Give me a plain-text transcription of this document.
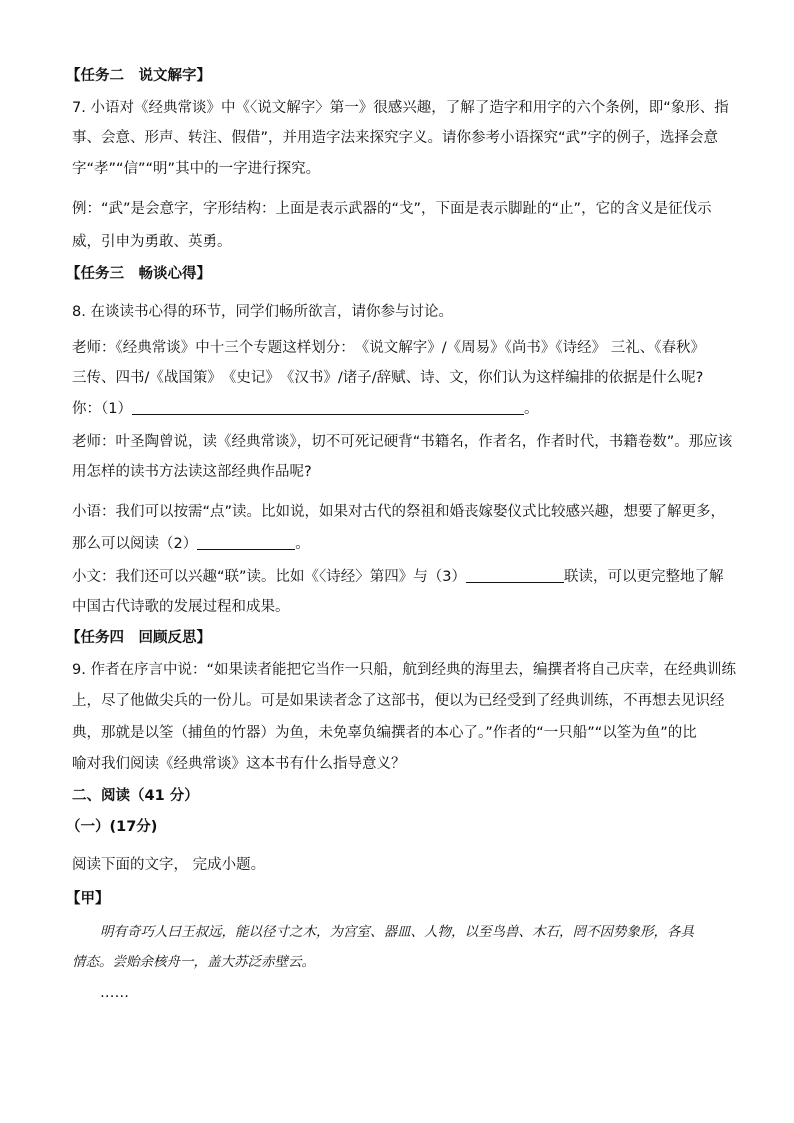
【任务二　说文解字】
7. 小语对《经典常谈》中《〈说文解字〉第一》很感兴趣，了解了造字和用字的六个条例，即“象形、指
事、会意、形声、转注、假借”，并用造字法来探究字义。请你参考小语探究“武”字的例子，选择会意
字“孝”“信”“明”其中的一字进行探究。
例：“武”是会意字，字形结构：上面是表示武器的“戈”，下面是表示脚趾的“止”，它的含义是征伐示
威，引申为勇敢、英勇。
【任务三　畅谈心得】
8. 在谈读书心得的环节，同学们畅所欲言，请你参与讨论。
老师：《经典常谈》中十三个专题这样划分：　《说文解字》/《周易》《尚书》《诗经》 三礼、《春秋》
三传、四书/《战国策》　《史记》　《汉书》/诸子/辞赋、诗、文，你们认为这样编排的依据是什么呢?
你：（1）	。
老师：叶圣陶曾说，读《经典常谈》，切不可死记硬背“书籍名，作者名，作者时代，书籍卷数”。那应该
用怎样的读书方法读这部经典作品呢?
小语：我们可以按需“点”读。比如说，如果对古代的祭祖和婚丧嫁娶仪式比较感兴趣，想要了解更多，
那么可以阅读（2）	。
小文：我们还可以兴趣“联”读。比如《〈诗经〉第四》与（3）	联读，可以更完整地了解
中国古代诗歌的发展过程和成果。
【任务四　回顾反思】
9. 作者在序言中说：“如果读者能把它当作一只船，航到经典的海里去，编撰者将自己庆幸，在经典训练
上，尽了他做尖兵的一份儿。可是如果读者念了这部书，便以为已经受到了经典训练，不再想去见识经
典，那就是以筌（捕鱼的竹器）为鱼，未免辜负编撰者的本心了。”作者的“一只船”“以筌为鱼”的比
喻对我们阅读《经典常谈》这本书有什么指导意义？
二、阅读（41 分）
（一）(17分)
阅读下面的文字， 完成小题。
【甲】
明有奇巧人曰王叔远，能以径寸之木，为宫室、器皿、人物，以至鸟兽、木石，罔不因势象形，各具
情态。尝贻余核舟一，盖大苏泛赤壁云。
……
